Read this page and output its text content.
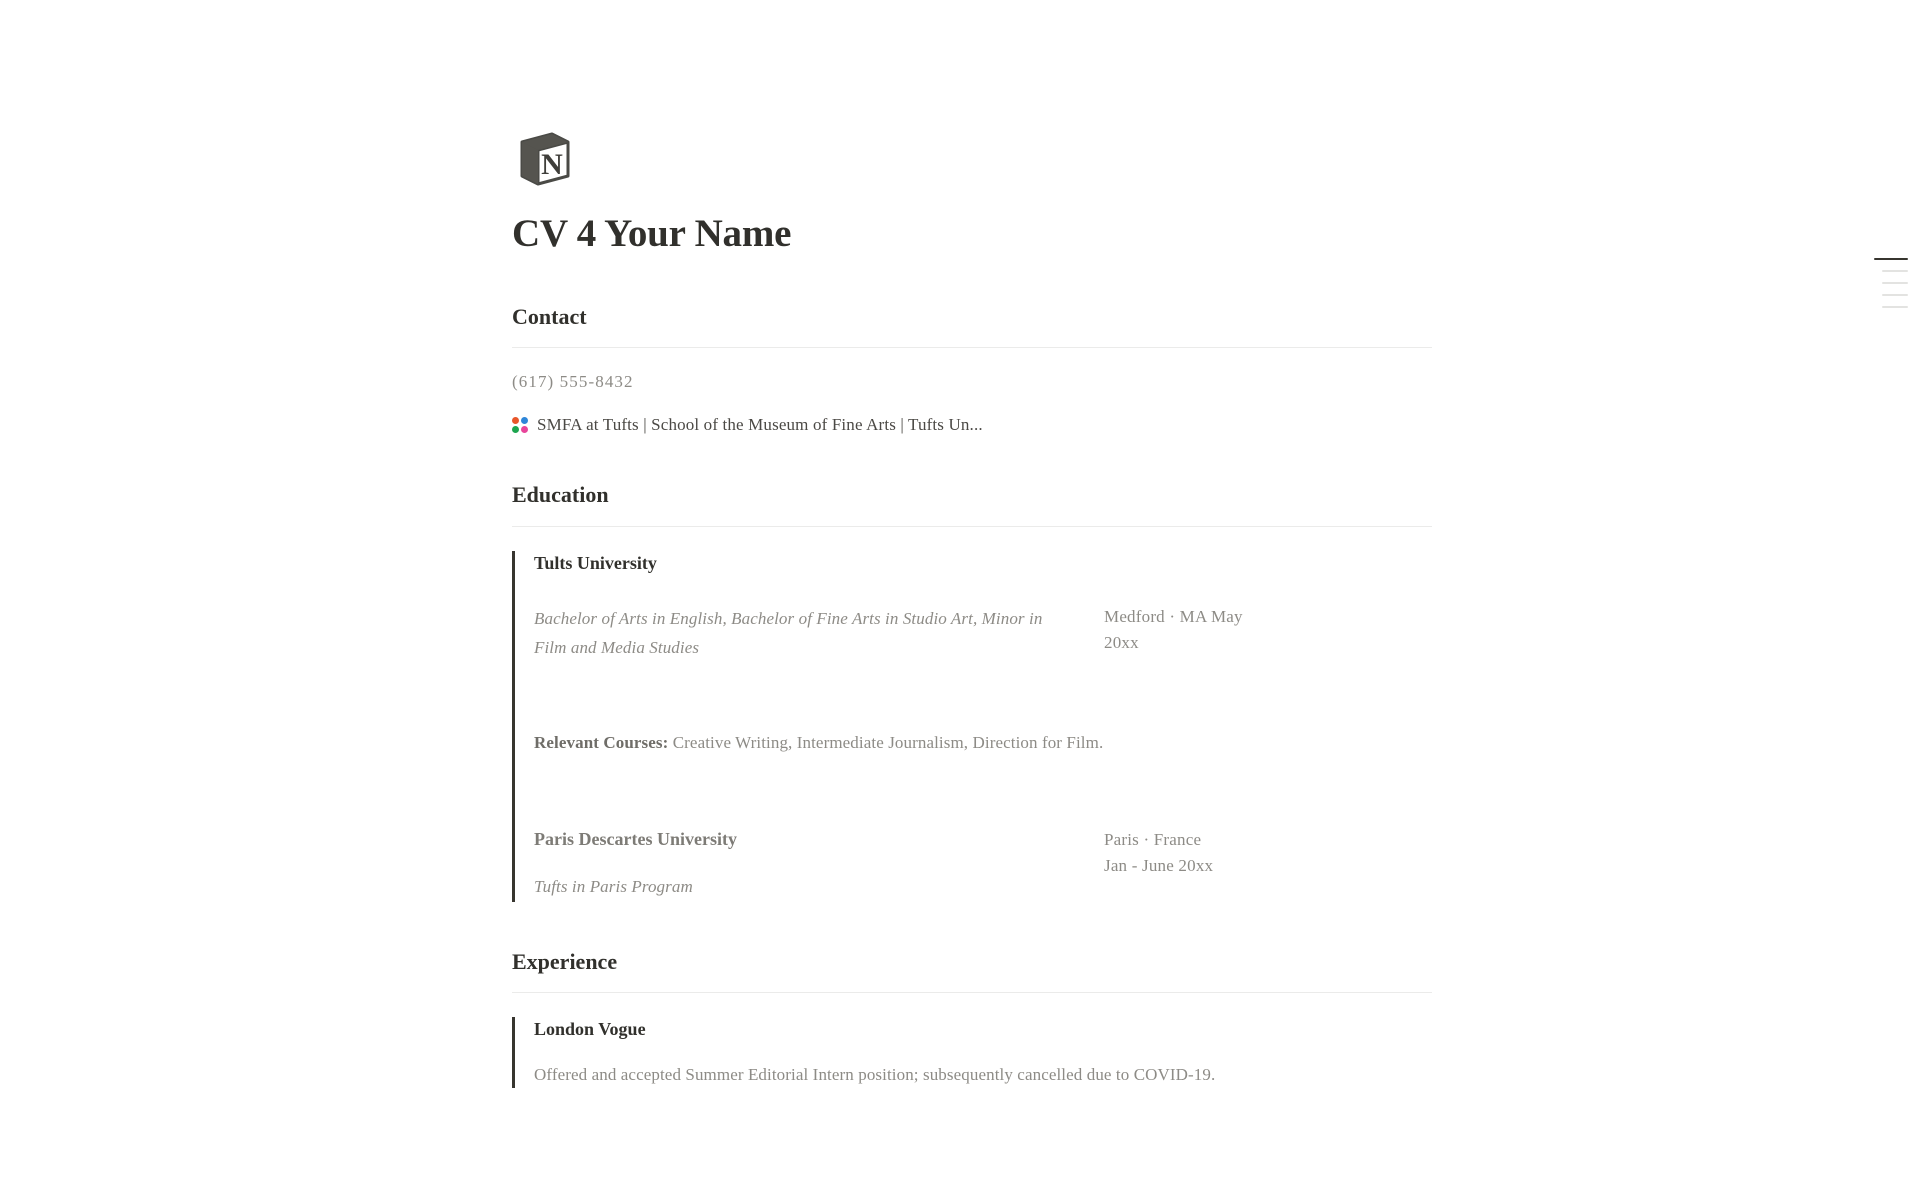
N
CV 4 Your Name
Contact
(617) 555-8432
SMFA at Tufts | School of the Museum of Fine Arts | Tufts Un...
Education

Tults University

Bachelor of Arts in English, Bachelor of Fine Arts in Studio Art, Minor in Film and Media Studies

Medford · MA May 20xx

Relevant Courses: Creative Writing, Intermediate Journalism, Direction for Film.

Paris Descartes University

Tufts in Paris Program

Paris · France
Jan - June 20xx
Experience

London Vogue

Offered and accepted Summer Editorial Intern position; subsequently cancelled due to COVID-19.
